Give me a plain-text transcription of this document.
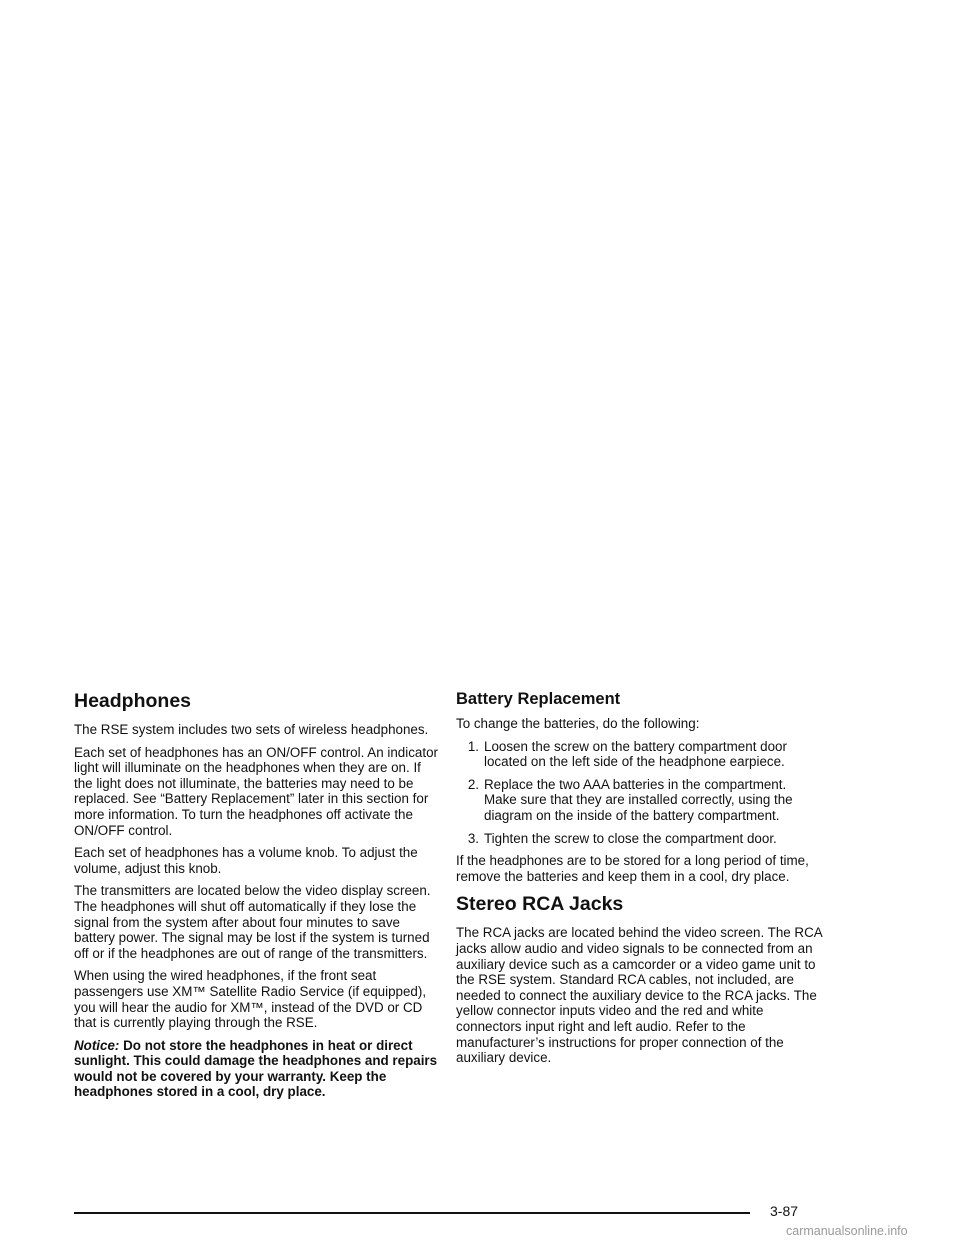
Headphones

The RSE system includes two sets of wireless headphones.

Each set of headphones has an ON/OFF control. An indicator light will illuminate on the headphones when they are on. If the light does not illuminate, the batteries may need to be replaced. See “Battery Replacement” later in this section for more information. To turn the headphones off activate the ON/OFF control.

Each set of headphones has a volume knob. To adjust the volume, adjust this knob.

The transmitters are located below the video display screen. The headphones will shut off automatically if they lose the signal from the system after about four minutes to save battery power. The signal may be lost if the system is turned off or if the headphones are out of range of the transmitters.

When using the wired headphones, if the front seat passengers use XM™ Satellite Radio Service (if equipped), you will hear the audio for XM™, instead of the DVD or CD that is currently playing through the RSE.

Notice: Do not store the headphones in heat or direct sunlight. This could damage the headphones and repairs would not be covered by your warranty. Keep the headphones stored in a cool, dry place.

Battery Replacement

To change the batteries, do the following:

1. Loosen the screw on the battery compartment door located on the left side of the headphone earpiece.
2. Replace the two AAA batteries in the compartment. Make sure that they are installed correctly, using the diagram on the inside of the battery compartment.
3. Tighten the screw to close the compartment door.

If the headphones are to be stored for a long period of time, remove the batteries and keep them in a cool, dry place.

Stereo RCA Jacks

The RCA jacks are located behind the video screen. The RCA jacks allow audio and video signals to be connected from an auxiliary device such as a camcorder or a video game unit to the RSE system. Standard RCA cables, not included, are needed to connect the auxiliary device to the RCA jacks. The yellow connector inputs video and the red and white connectors input right and left audio. Refer to the manufacturer’s instructions for proper connection of the auxiliary device.

3-87
carmanualsonline.info
